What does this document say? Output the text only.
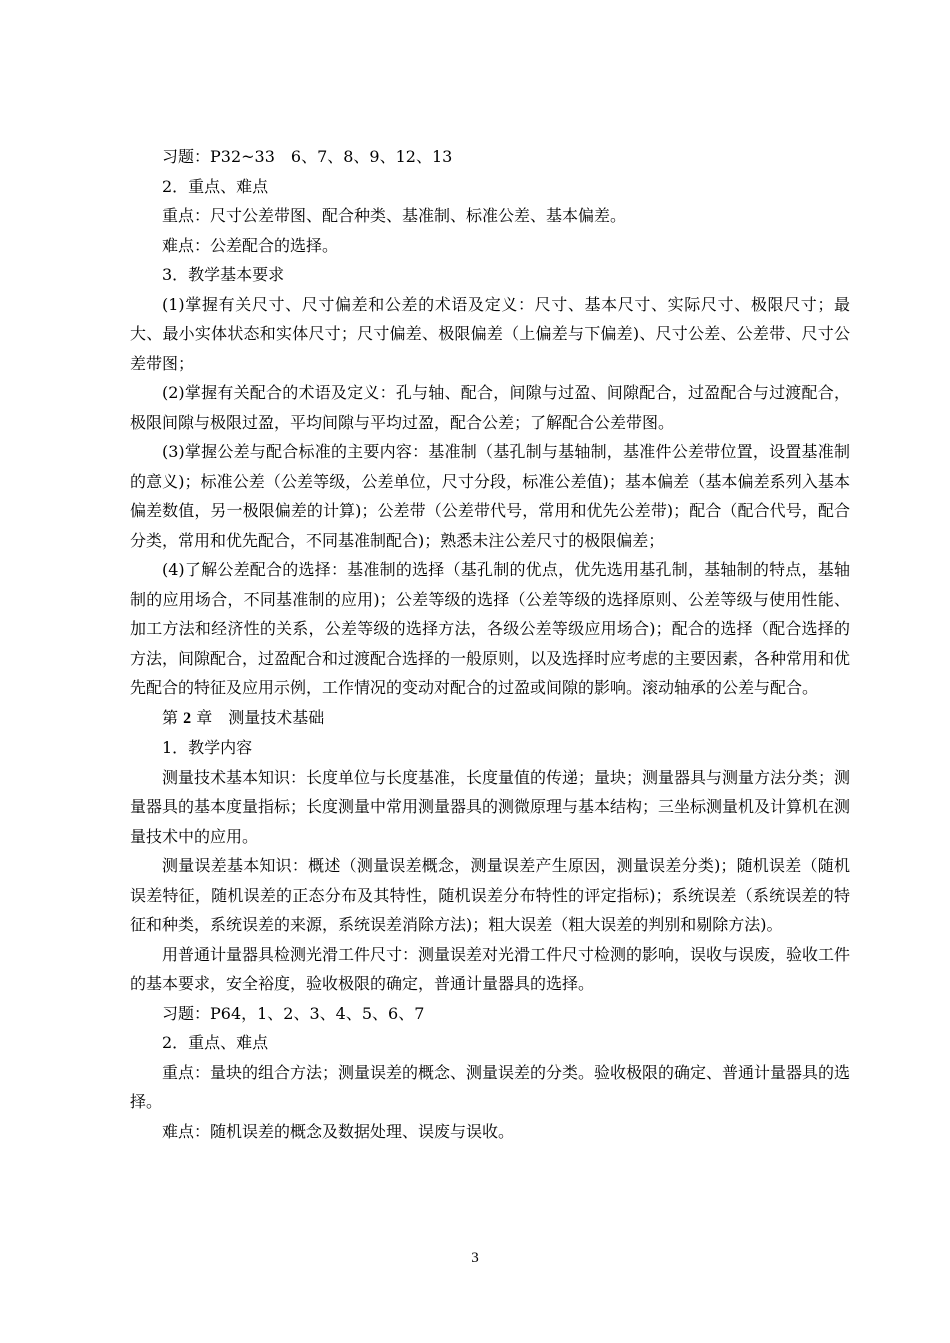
习题：P32~33　6、7、8、9、12、13

2．重点、难点

重点：尺寸公差带图、配合种类、基准制、标准公差、基本偏差。

难点：公差配合的选择。

3．教学基本要求

(1)掌握有关尺寸、尺寸偏差和公差的术语及定义：尺寸、基本尺寸、实际尺寸、极限尺寸；最大、最小实体状态和实体尺寸；尺寸偏差、极限偏差（上偏差与下偏差)、尺寸公差、公差带、尺寸公差带图；

(2)掌握有关配合的术语及定义：孔与轴、配合，间隙与过盈、间隙配合，过盈配合与过渡配合，极限间隙与极限过盈，平均间隙与平均过盈，配合公差；了解配合公差带图。

(3)掌握公差与配合标准的主要内容：基准制（基孔制与基轴制，基准件公差带位置，设置基准制的意义)；标准公差（公差等级，公差单位，尺寸分段，标准公差值)；基本偏差（基本偏差系列入基本偏差数值，另一极限偏差的计算)；公差带（公差带代号，常用和优先公差带)；配合（配合代号，配合分类，常用和优先配合，不同基准制配合)；熟悉未注公差尺寸的极限偏差；

(4)了解公差配合的选择：基准制的选择（基孔制的优点，优先选用基孔制，基轴制的特点，基轴制的应用场合，不同基准制的应用)；公差等级的选择（公差等级的选择原则、公差等级与使用性能、加工方法和经济性的关系，公差等级的选择方法，各级公差等级应用场合)；配合的选择（配合选择的方法，间隙配合，过盈配合和过渡配合选择的一般原则，以及选择时应考虑的主要因素，各种常用和优先配合的特征及应用示例，工作情况的变动对配合的过盈或间隙的影响。滚动轴承的公差与配合。

第 2 章　测量技术基础

1．教学内容

测量技术基本知识：长度单位与长度基准，长度量值的传递；量块；测量器具与测量方法分类；测量器具的基本度量指标；长度测量中常用测量器具的测微原理与基本结构；三坐标测量机及计算机在测量技术中的应用。

测量误差基本知识：概述（测量误差概念，测量误差产生原因，测量误差分类)；随机误差（随机误差特征，随机误差的正态分布及其特性，随机误差分布特性的评定指标)；系统误差（系统误差的特征和种类，系统误差的来源，系统误差消除方法)；粗大误差（粗大误差的判别和剔除方法)。

用普通计量器具检测光滑工件尺寸：测量误差对光滑工件尺寸检测的影响，误收与误废，验收工件的基本要求，安全裕度，验收极限的确定，普通计量器具的选择。

习题：P64，1、2、3、4、5、6、7

2．重点、难点

重点：量块的组合方法；测量误差的概念、测量误差的分类。验收极限的确定、普通计量器具的选择。

难点：随机误差的概念及数据处理、误废与误收。

3
